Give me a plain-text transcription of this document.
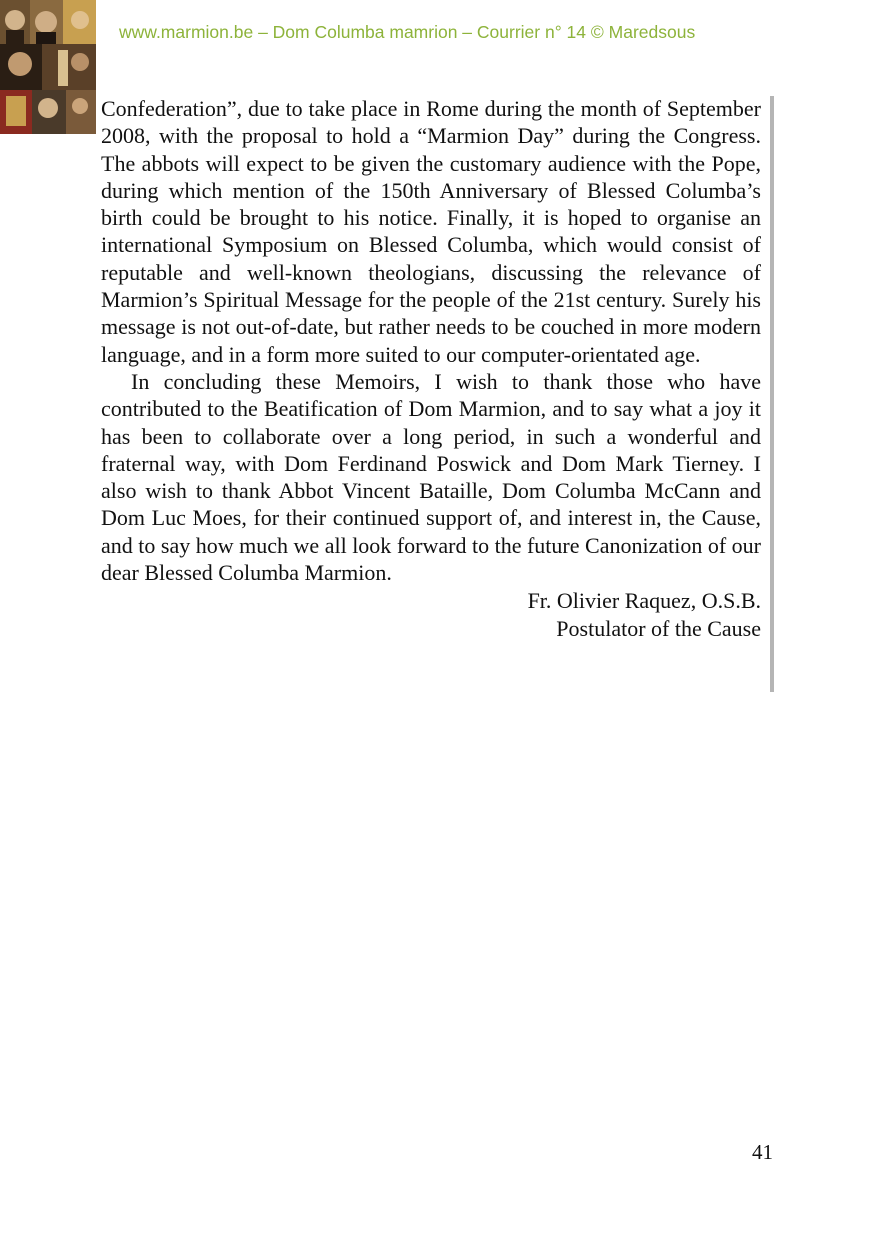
www.marmion.be – Dom Columba mamrion – Courrier n° 14 © Maredsous

Confederation”, due to take place in Rome during the month of September 2008, with the proposal to hold a “Marmion Day” during the Congress. The abbots will expect to be given the customary audience with the Pope, during which mention of the 150th Anniversary of Blessed Columba’s birth could be brought to his notice. Finally, it is hoped to organise an international Symposium on Blessed Columba, which would consist of reputable and well-known theologians, discussing the relevance of Marmion’s Spiritual Message for the people of the 21st century. Surely his message is not out-of-date, but rather needs to be couched in more modern language, and in a form more suited to our computer-orientated age.

In concluding these Memoirs, I wish to thank those who have contributed to the Beatification of Dom Marmion, and to say what a joy it has been to collaborate over a long period, in such a wonderful and fraternal way, with Dom Ferdinand Poswick and Dom Mark Tierney. I also wish to thank Abbot Vincent Bataille, Dom Columba McCann and Dom Luc Moes, for their continued support of, and interest in, the Cause, and to say how much we all look forward to the future Canonization of our dear Blessed Columba Marmion.

Fr. Olivier Raquez, O.S.B.
Postulator of the Cause
41
